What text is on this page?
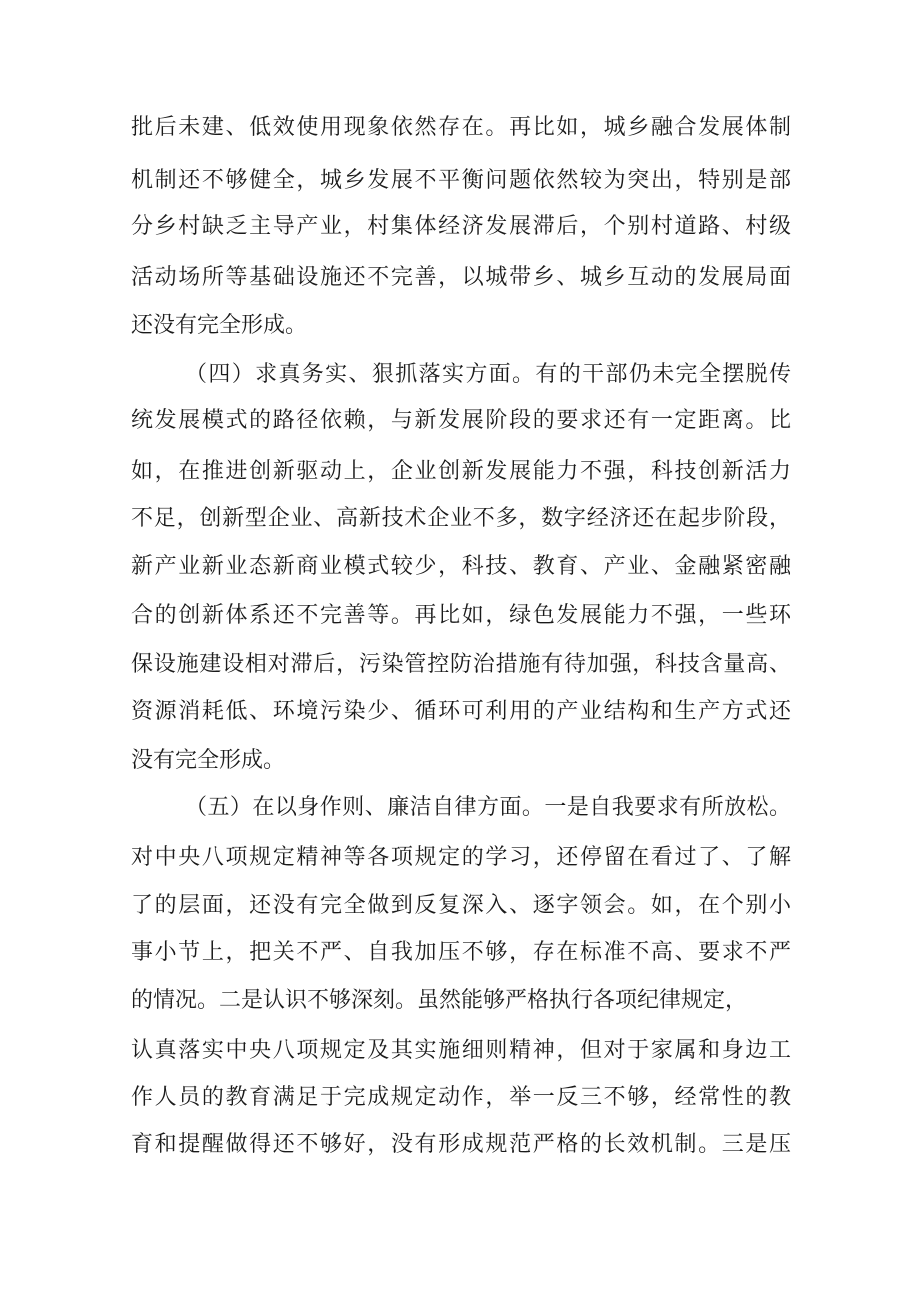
批后未建、低效使用现象依然存在。再比如，城乡融合发展体制
机制还不够健全，城乡发展不平衡问题依然较为突出，特别是部
分乡村缺乏主导产业，村集体经济发展滞后，个别村道路、村级
活动场所等基础设施还不完善，以城带乡、城乡互动的发展局面
还没有完全形成。
（四）求真务实、狠抓落实方面。有的干部仍未完全摆脱传
统发展模式的路径依赖，与新发展阶段的要求还有一定距离。比
如，在推进创新驱动上，企业创新发展能力不强，科技创新活力
不足，创新型企业、高新技术企业不多，数字经济还在起步阶段，
新产业新业态新商业模式较少，科技、教育、产业、金融紧密融
合的创新体系还不完善等。再比如，绿色发展能力不强，一些环
保设施建设相对滞后，污染管控防治措施有待加强，科技含量高、
资源消耗低、环境污染少、循环可利用的产业结构和生产方式还
没有完全形成。
（五）在以身作则、廉洁自律方面。一是自我要求有所放松。
对中央八项规定精神等各项规定的学习，还停留在看过了、了解
了的层面，还没有完全做到反复深入、逐字领会。如，在个别小
事小节上，把关不严、自我加压不够，存在标准不高、要求不严
的情况。二是认识不够深刻。虽然能够严格执行各项纪律规定，
认真落实中央八项规定及其实施细则精神，但对于家属和身边工
作人员的教育满足于完成规定动作，举一反三不够，经常性的教
育和提醒做得还不够好，没有形成规范严格的长效机制。三是压
